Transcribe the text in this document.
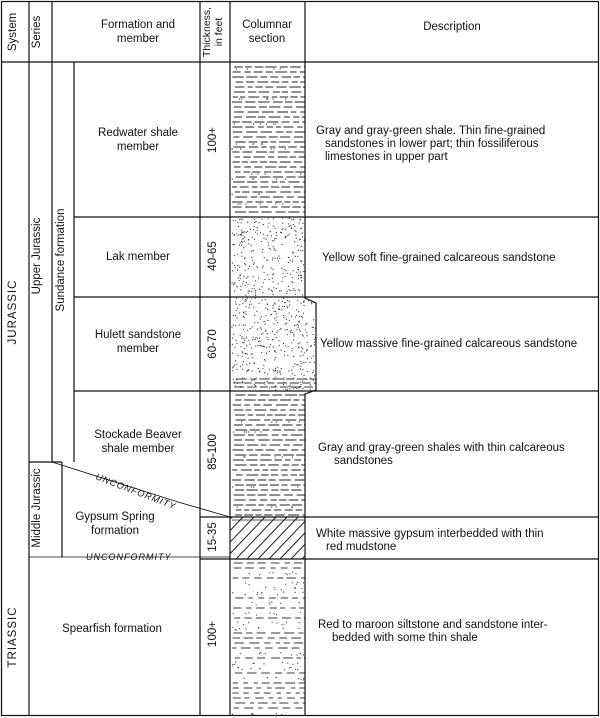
System Series	Formation and
member	Thickness, in feet Columnar
section
Description
JURASSIC
TRIASSIC
Upper Jurassic
Middle Jurassic
Sundance formation
Redwater shale
member
Lak member
Hulett sandstone
member
Stockade Beaver
shale member
Gypsum Spring
formation
Spearfish formation
100+
40-65
60-70
85-100
15-35
100+
Gray and gray-green shale. Thin fine-grained
sandstones in lower part; thin fossiliferous
limestones in upper part
Yellow soft fine-grained calcareous sandstone
Yellow massive fine-grained calcareous sandstone
Gray and gray-green shales with thin calcareous
sandstones
White massive gypsum interbedded with thin
red mudstone
Red to maroon siltstone and sandstone inter-
bedded with some thin shale
UNCONFORMITY
UNCONFORMITY
